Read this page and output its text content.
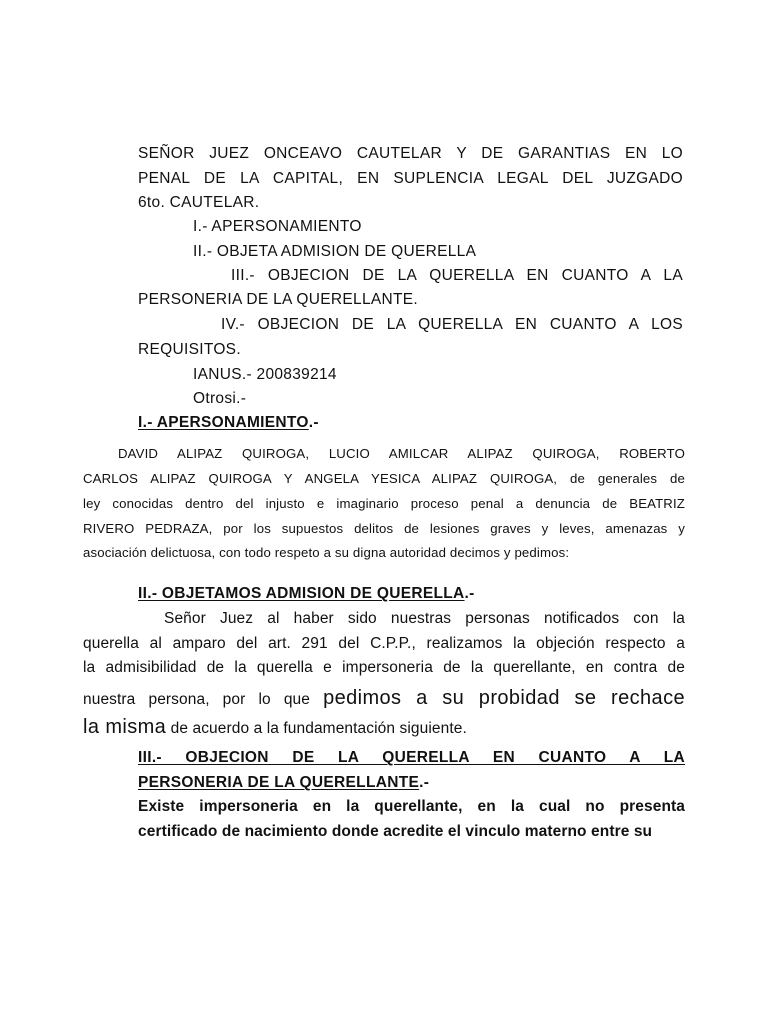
SEÑOR JUEZ ONCEAVO CAUTELAR Y DE GARANTIAS EN LO
PENAL DE LA CAPITAL, EN SUPLENCIA LEGAL DEL JUZGADO
6to. CAUTELAR.
I.- APERSONAMIENTO
II.- OBJETA ADMISION DE QUERELLA
III.- OBJECION DE LA QUERELLA EN CUANTO A LA
PERSONERIA DE LA QUERELLANTE.
IV.- OBJECION DE LA QUERELLA EN CUANTO A LOS
REQUISITOS.
IANUS.- 200839214
Otrosi.-
I.- APERSONAMIENTO.-
DAVID ALIPAZ QUIROGA, LUCIO AMILCAR ALIPAZ QUIROGA, ROBERTO
CARLOS ALIPAZ QUIROGA Y ANGELA YESICA ALIPAZ QUIROGA, de generales de
ley conocidas dentro del injusto e imaginario proceso penal a denuncia de BEATRIZ
RIVERO PEDRAZA, por los supuestos delitos de lesiones graves y leves, amenazas y
asociación delictuosa, con todo respeto a su digna autoridad decimos y pedimos:
II.- OBJETAMOS ADMISION DE QUERELLA.-
Señor Juez al haber sido nuestras personas notificados con la
querella al amparo del art. 291 del C.P.P., realizamos la objeción respecto a
la admisibilidad de la querella e impersoneria de la querellante, en contra de
nuestra persona, por lo que pedimos a su probidad se rechace
la misma de acuerdo a la fundamentación siguiente.
III.- OBJECION DE LA QUERELLA EN CUANTO A LA
PERSONERIA DE LA QUERELLANTE.-
Existe impersoneria en la querellante, en la cual no presenta
certificado de nacimiento donde acredite el vinculo materno entre su
